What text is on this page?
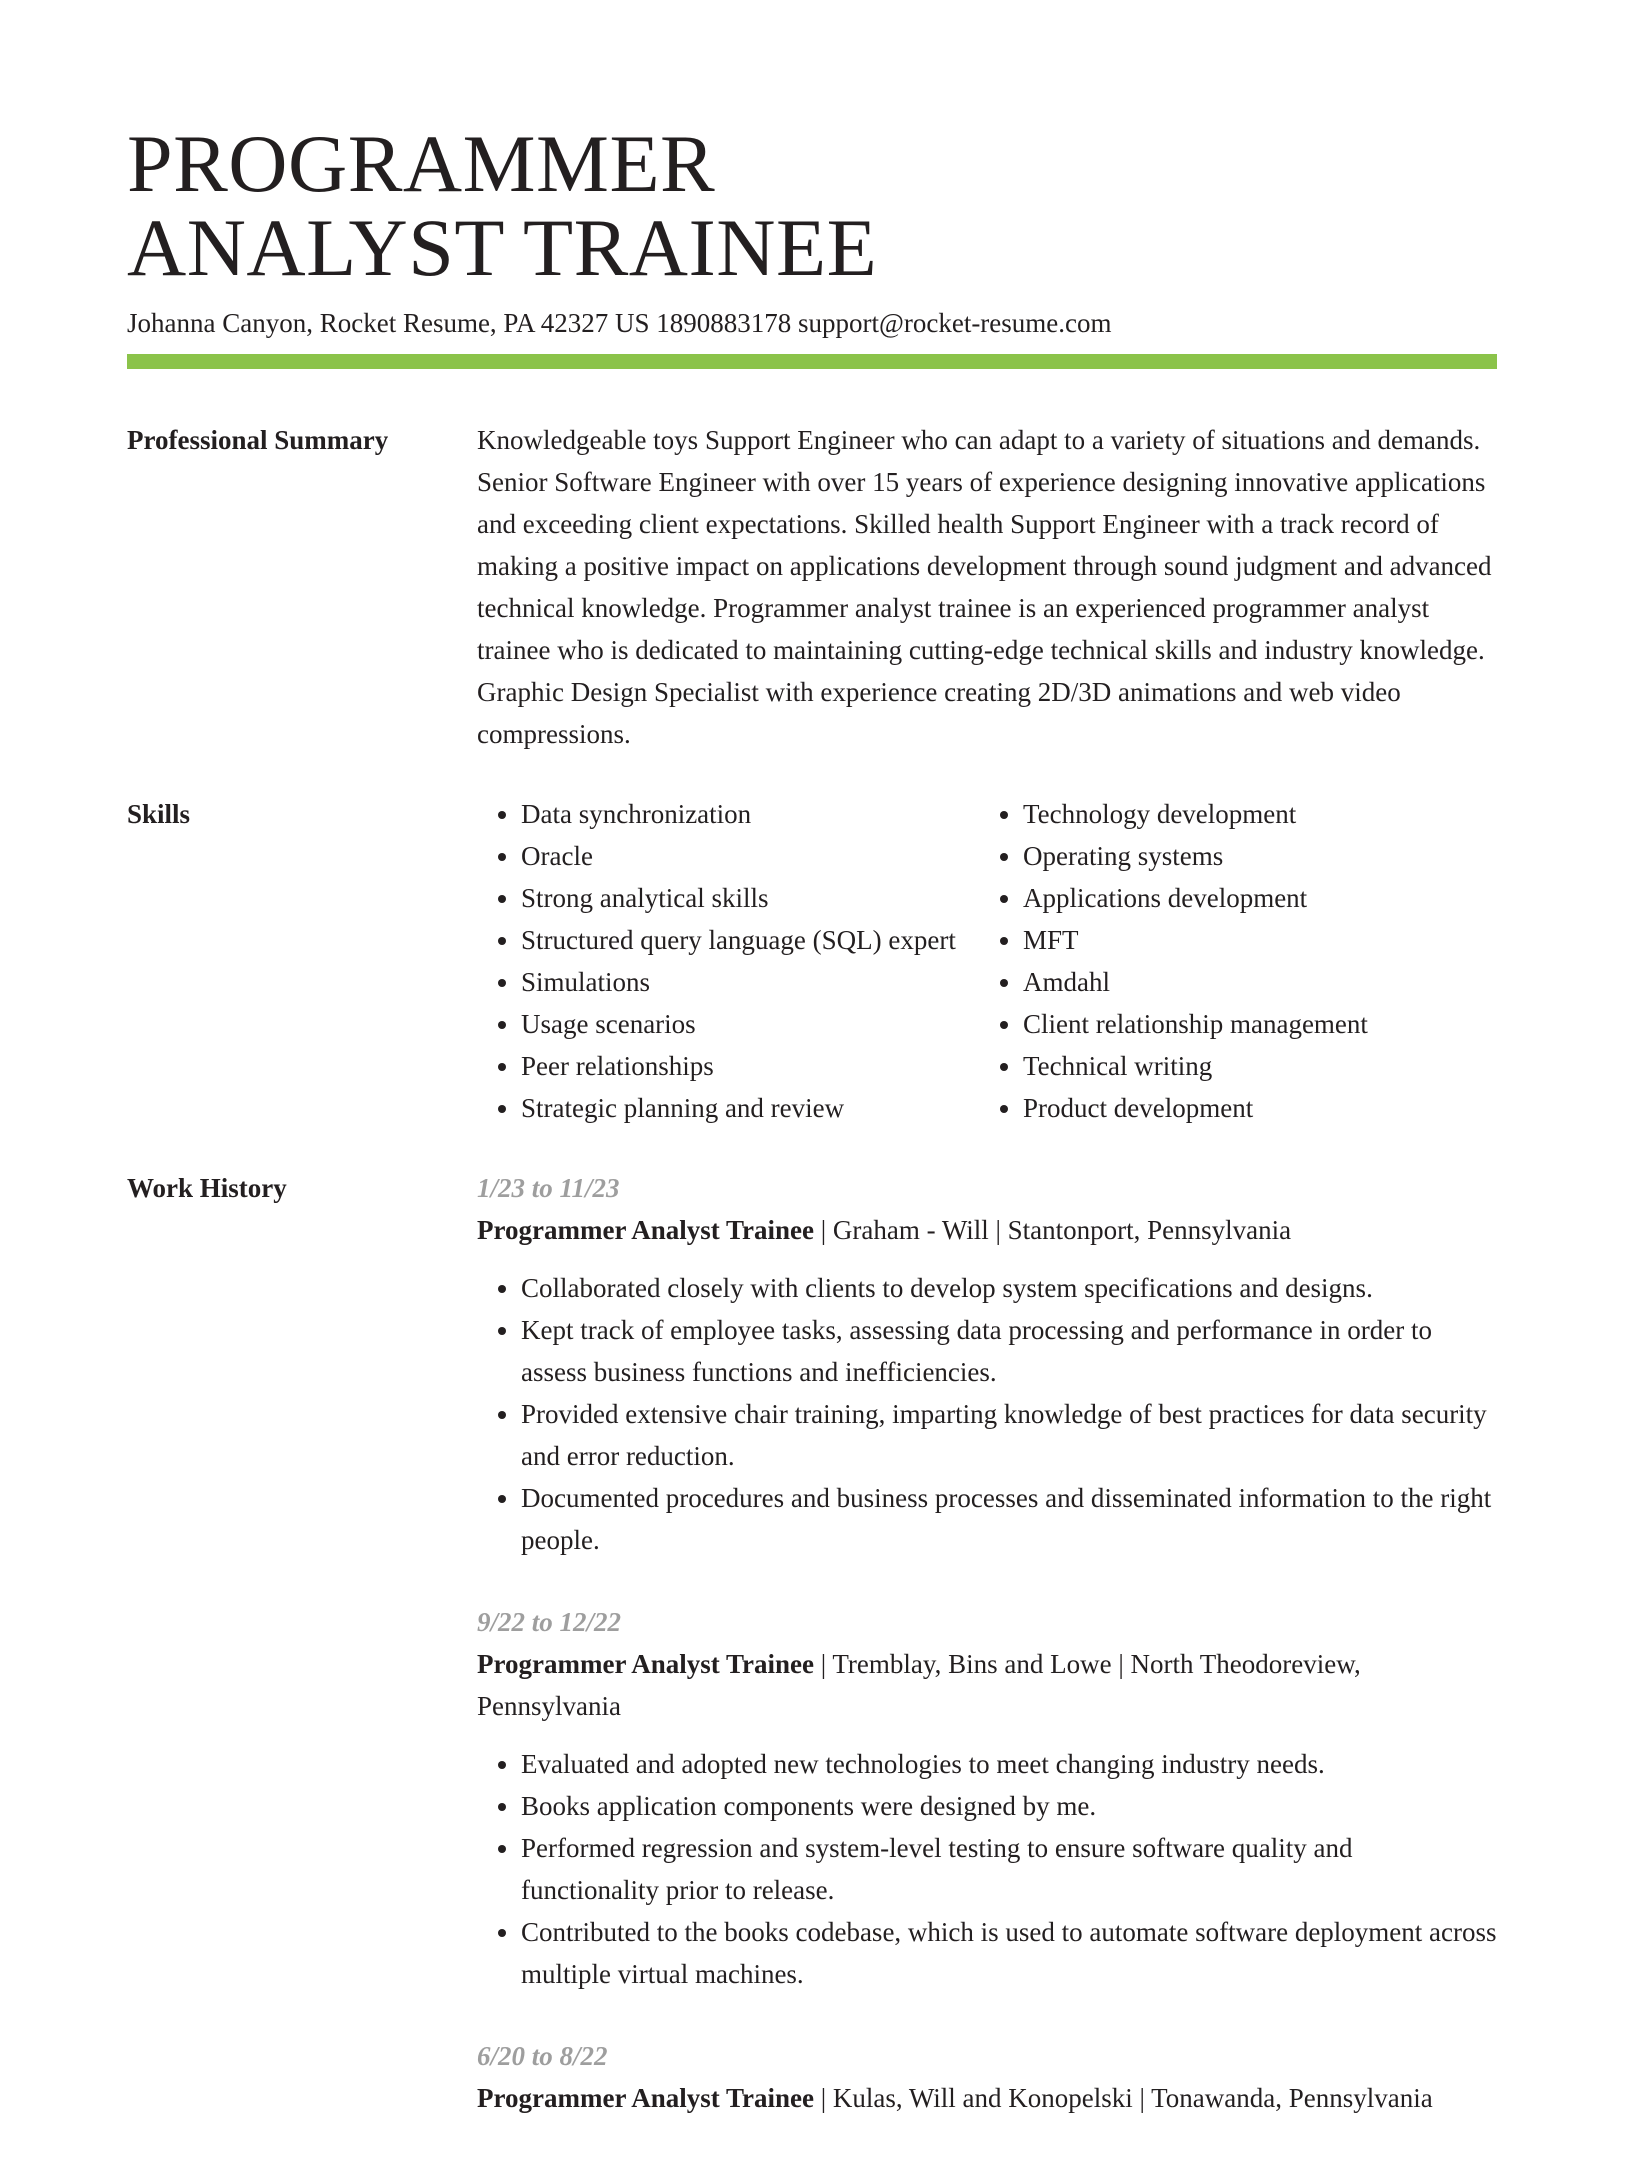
PROGRAMMER
ANALYST TRAINEE
Johanna Canyon, Rocket Resume, PA 42327 US 1890883178 support@rocket-resume.com
Professional Summary	Knowledgeable toys Support Engineer who can adapt to a variety of situations and demands. Senior Software Engineer with over 15 years of experience designing innovative applications and exceeding client expectations. Skilled health Support Engineer with a track record of making a positive impact on applications development through sound judgment and advanced technical knowledge. Programmer analyst trainee is an experienced programmer analyst trainee who is dedicated to maintaining cutting-edge technical skills and industry knowledge. Graphic Design Specialist with experience creating 2D/3D animations and web video compressions.

Skills
•	Data synchronization
• Oracle
• Strong analytical skills
• Structured query language (SQL) expert
• Simulations
• Usage scenarios
• Peer relationships
• Strategic planning and review
• Technology development
• Operating systems
• Applications development
• MFT
• Amdahl
• Client relationship management
• Technical writing
• Product development
Work History	1/23 to 11/23
Programmer Analyst Trainee | Graham - Will | Stantonport, Pennsylvania
• Collaborated closely with clients to develop system specifications and designs.
• Kept track of employee tasks, assessing data processing and performance in order to assess business functions and inefficiencies.
• Provided extensive chair training, imparting knowledge of best practices for data security and error reduction.
• Documented procedures and business processes and disseminated information to the right people.
9/22 to 12/22
Programmer Analyst Trainee | Tremblay, Bins and Lowe | North Theodoreview, Pennsylvania
• Evaluated and adopted new technologies to meet changing industry needs.
• Books application components were designed by me.
• Performed regression and system-level testing to ensure software quality and functionality prior to release.
• Contributed to the books codebase, which is used to automate software deployment across multiple virtual machines.
6/20 to 8/22
Programmer Analyst Trainee | Kulas, Will and Konopelski | Tonawanda, Pennsylvania
